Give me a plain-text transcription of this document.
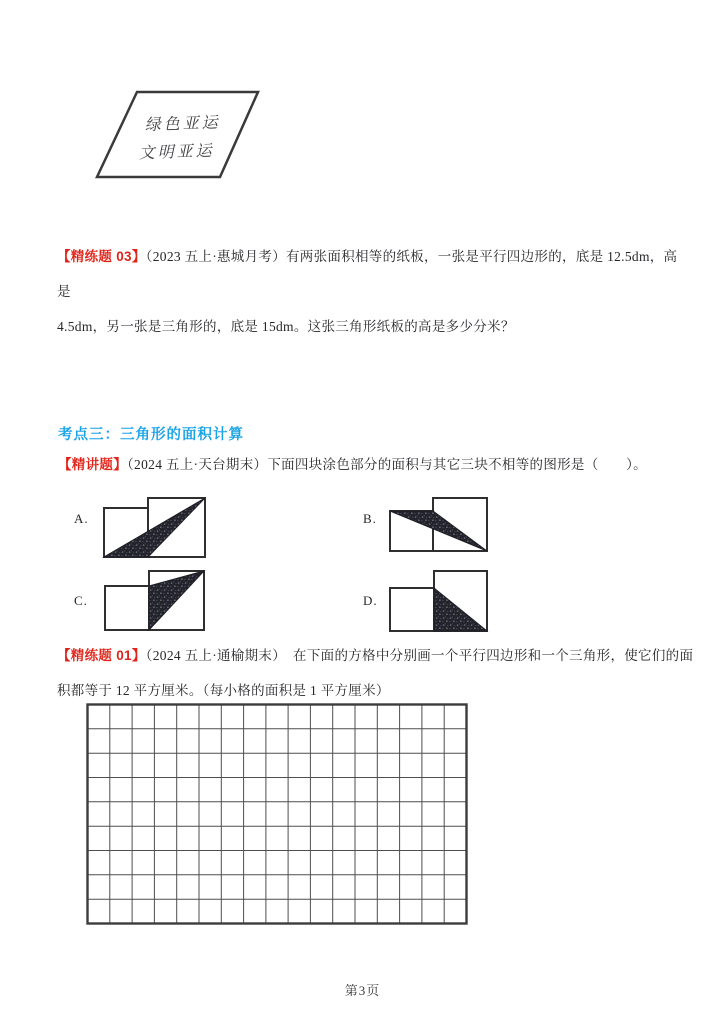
绿色亚运
文明亚运
【精练题 03】（2023 五上·惠城月考）有两张面积相等的纸板，一张是平行四边形的，底是 12.5dm，高是
4.5dm，另一张是三角形的，底是 15dm。这张三角形纸板的高是多少分米？
考点三：三角形的面积计算
【精讲题】（2024 五上·天台期末）下面四块涂色部分的面积与其它三块不相等的图形是（　　）。
A.	B.
C.	D.
【精练题 01】（2024 五上·通榆期末）　在下面的方格中分别画一个平行四边形和一个三角形，使它们的面
积都等于 12 平方厘米。（每小格的面积是 1 平方厘米）
第3页
